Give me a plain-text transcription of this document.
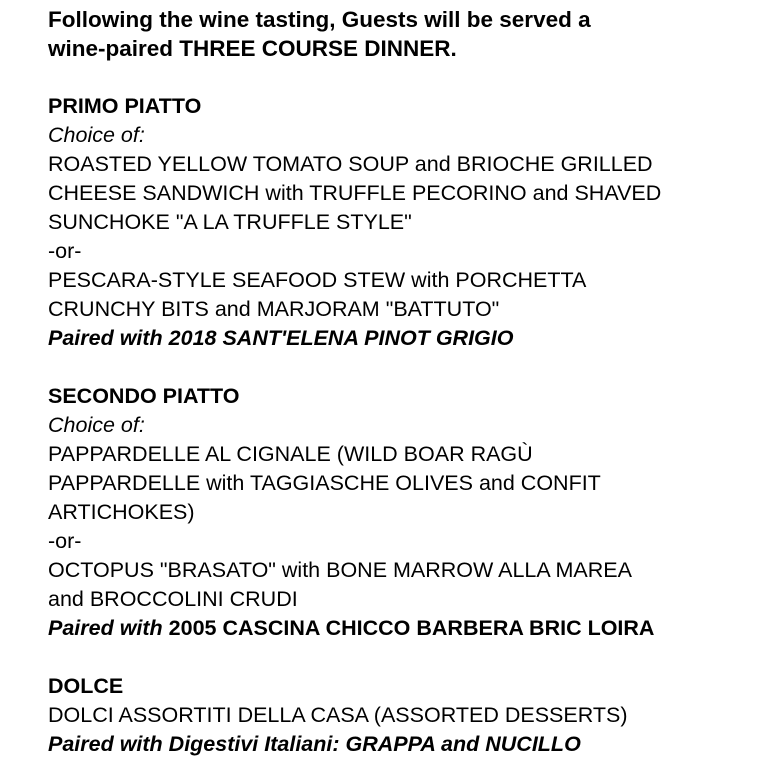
Following the wine tasting, Guests will be served a
wine-paired THREE COURSE DINNER.
PRIMO PIATTO
Choice of:
ROASTED YELLOW TOMATO SOUP and BRIOCHE GRILLED
CHEESE SANDWICH with TRUFFLE PECORINO and SHAVED
SUNCHOKE "A LA TRUFFLE STYLE"
-or-
PESCARA-STYLE SEAFOOD STEW with PORCHETTA
CRUNCHY BITS and MARJORAM "BATTUTO"
Paired with 2018 SANT'ELENA PINOT GRIGIO
SECONDO PIATTO
Choice of:
PAPPARDELLE AL CIGNALE (WILD BOAR RAGÙ
PAPPARDELLE with TAGGIASCHE OLIVES and CONFIT
ARTICHOKES)
-or-
OCTOPUS "BRASATO" with BONE MARROW ALLA MAREA
and BROCCOLINI CRUDI
Paired with 2005 CASCINA CHICCO BARBERA BRIC LOIRA
DOLCE
DOLCI ASSORTITI DELLA CASA (ASSORTED DESSERTS)
Paired with Digestivi Italiani: GRAPPA and NUCILLO
